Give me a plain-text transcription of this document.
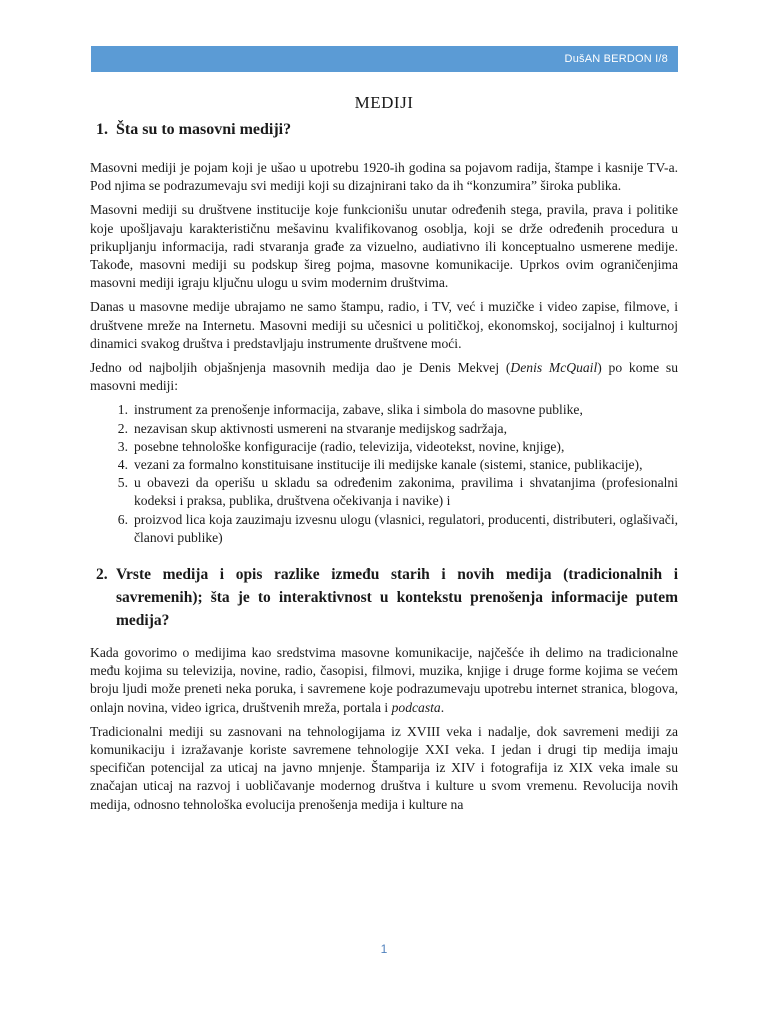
DušAN BERDON I/8
MEDIJI
1. Šta su to masovni mediji?

Masovni mediji je pojam koji je ušao u upotrebu 1920-ih godina sa pojavom radija, štampe i kasnije TV-a. Pod njima se podrazumevaju svi mediji koji su dizajnirani tako da ih “konzumira” široka publika.

Masovni mediji su društvene institucije koje funkcionišu unutar određenih stega, pravila, prava i politike koje upošljavaju karakterističnu mešavinu kvalifikovanog osoblja, koji se drže određenih procedura u prikupljanju informacija, radi stvaranja građe za vizuelno, audiativno ili konceptualno usmerene medije. Takođe, masovni mediji su podskup šireg pojma, masovne komunikacije. Uprkos ovim ograničenjima masovni mediji igraju ključnu ulogu u svim modernim društvima.

Danas u masovne medije ubrajamo ne samo štampu, radio, i TV, već i muzičke i video zapise, filmove, i društvene mreže na Internetu. Masovni mediji su učesnici u političkoj, ekonomskoj, socijalnoj i kulturnoj dinamici svakog društva i predstavljaju instrumente društvene moći.

Jedno od najboljih objašnjenja masovnih medija dao je Denis Mekvej (Denis McQuail) po kome su masovni mediji:

1. instrument za prenošenje informacija, zabave, slika i simbola do masovne publike,
2. nezavisan skup aktivnosti usmereni na stvaranje medijskog sadržaja,
3. posebne tehnološke konfiguracije (radio, televizija, videotekst, novine, knjige),
4. vezani za formalno konstituisane institucije ili medijske kanale (sistemi, stanice, publikacije),
5. u obavezi da operišu u skladu sa određenim zakonima, pravilima i shvatanjima (profesionalni kodeksi i praksa, publika, društvena očekivanja i navike) i
6. proizvod lica koja zauzimaju izvesnu ulogu (vlasnici, regulatori, producenti, distributeri, oglašivači, članovi publike)
2. Vrste medija i opis razlike između starih i novih medija (tradicionalnih i savremenih); šta je to interaktivnost u kontekstu prenošenja informacije putem medija?

Kada govorimo o medijima kao sredstvima masovne komunikacije, najčešće ih delimo na tradicionalne među kojima su televizija, novine, radio, časopisi, filmovi, muzika, knjige i druge forme kojima se većem broju ljudi može preneti neka poruka, i savremene koje podrazumevaju upotrebu internet stranica, blogova, onlajn novina, video igrica, društvenih mreža, portala i podcasta.

Tradicionalni mediji su zasnovani na tehnologijama iz XVIII veka i nadalje, dok savremeni mediji za komunikaciju i izražavanje koriste savremene tehnologije XXI veka. I jedan i drugi tip medija imaju specifičan potencijal za uticaj na javno mnjenje. Štamparija iz XIV i fotografija iz XIX veka imale su značajan uticaj na razvoj i uobličavanje modernog društva i kulture u svom vremenu. Revolucija novih medija, odnosno tehnološka evolucija prenošenja medija i kulture na

1
